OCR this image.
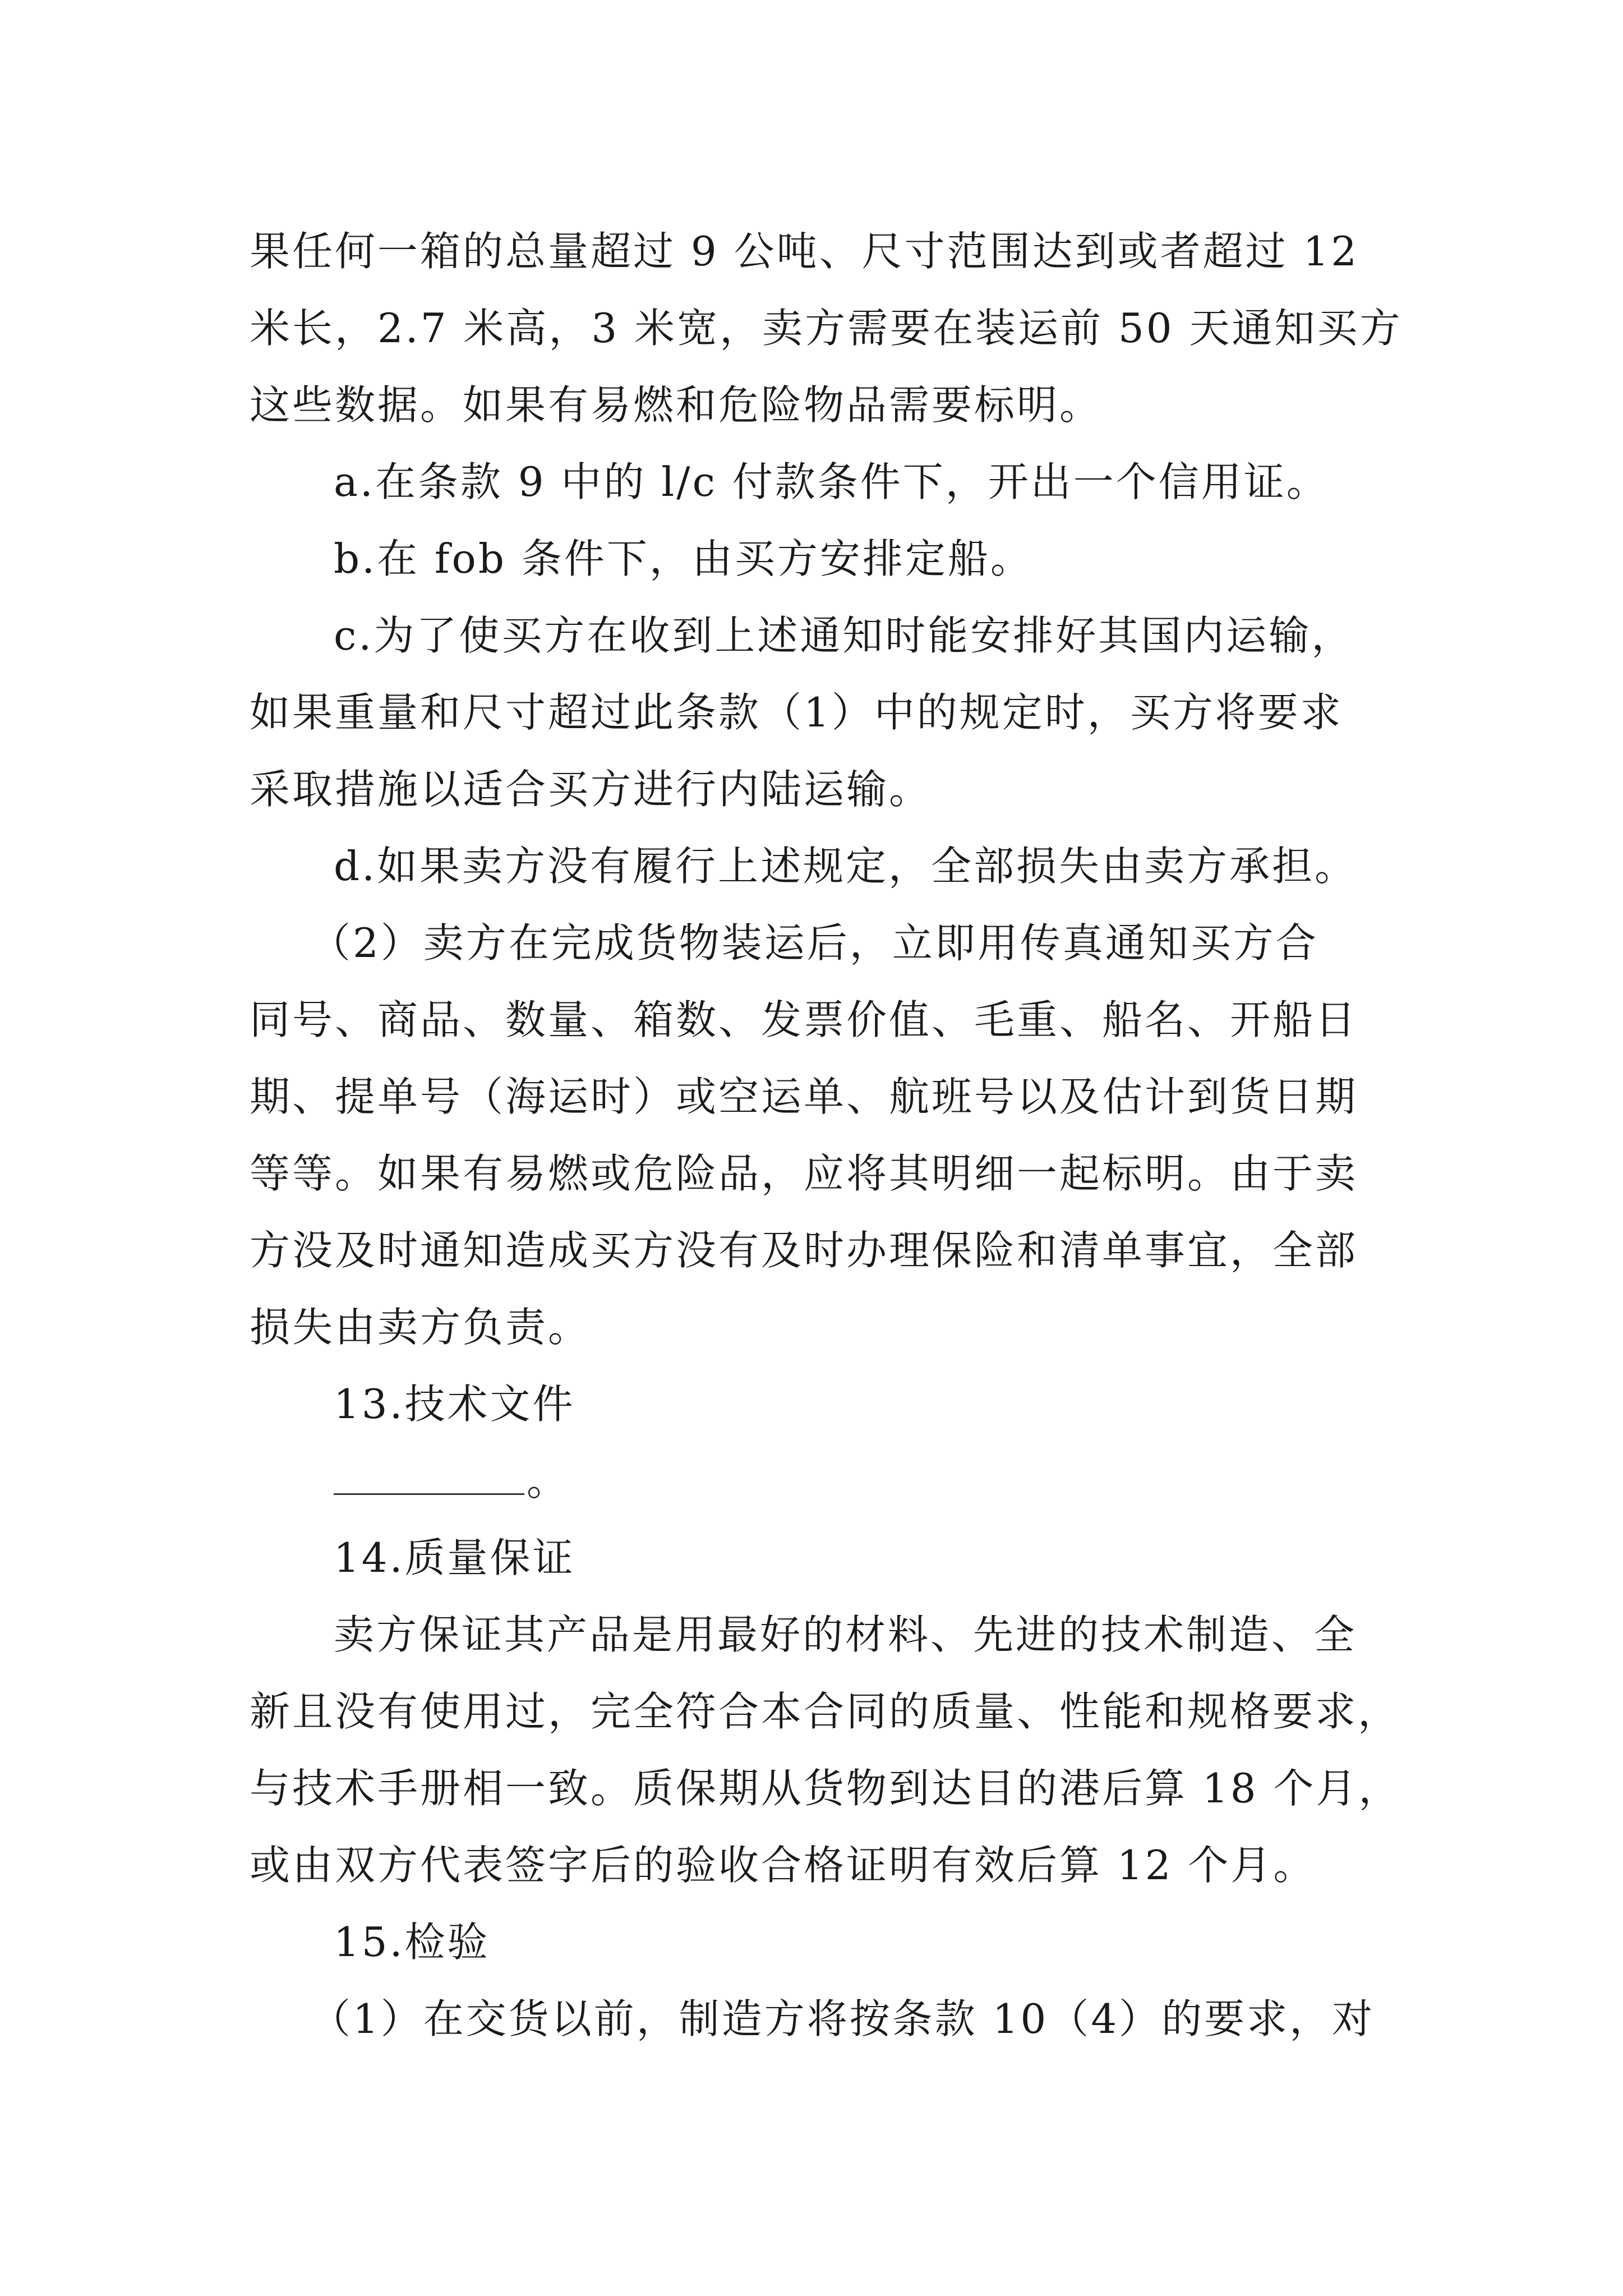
果任何一箱的总量超过 9 公吨、尺寸范围达到或者超过 12
米长，2.7 米高，3 米宽，卖方需要在装运前 50 天通知买方
这些数据。如果有易燃和危险物品需要标明。
a.在条款 9 中的 l/c 付款条件下，开出一个信用证。
b.在 fob 条件下，由买方安排定船。
c.为了使买方在收到上述通知时能安排好其国内运输，
如果重量和尺寸超过此条款（1）中的规定时，买方将要求
采取措施以适合买方进行内陆运输。
d.如果卖方没有履行上述规定，全部损失由卖方承担。
（2）卖方在完成货物装运后，立即用传真通知买方合
同号、商品、数量、箱数、发票价值、毛重、船名、开船日
期、提单号（海运时）或空运单、航班号以及估计到货日期
等等。如果有易燃或危险品，应将其明细一起标明。由于卖
方没及时通知造成买方没有及时办理保险和清单事宜，全部
损失由卖方负责。
13.技术文件
。
14.质量保证
卖方保证其产品是用最好的材料、先进的技术制造、全
新且没有使用过，完全符合本合同的质量、性能和规格要求，
与技术手册相一致。质保期从货物到达目的港后算 18 个月，
或由双方代表签字后的验收合格证明有效后算 12 个月。
15.检验
（1）在交货以前，制造方将按条款 10（4）的要求，对
